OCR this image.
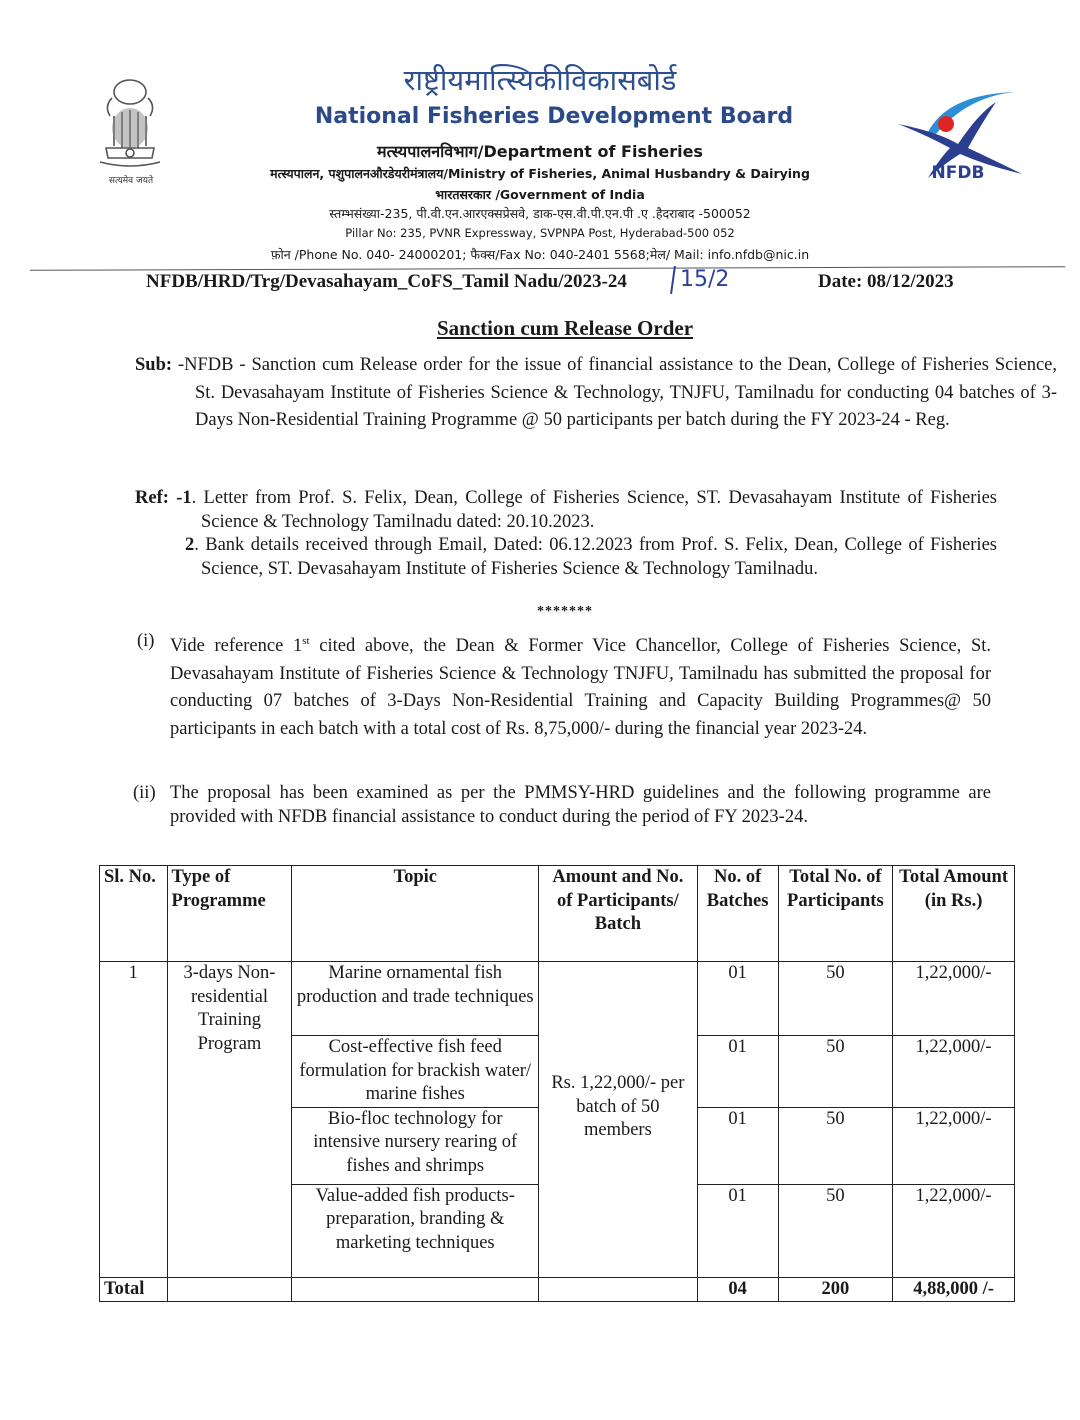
सत्यमेव जयते	NFDB
राष्ट्रीयमात्स्यिकीविकासबोर्ड
National Fisheries Development Board
मत्स्यपालनविभाग/Department of Fisheries
मत्स्यपालन, पशुपालनऔरडेयरीमंत्रालय/Ministry of Fisheries, Animal Husbandry & Dairying
भारतसरकार /Government of India
स्तम्भसंख्या-235, पी.वी.एन.आरएक्सप्रेसवे, डाक-एस.वी.पी.एन.पी .ए .हैदराबाद -500052
Pillar No: 235, PVNR Expressway, SVPNPA Post, Hyderabad-500 052
फ़ोन /Phone No. 040- 24000201; फैक्स/Fax No: 040-2401 5568;मेल/ Mail: info.nfdb@nic.in
NFDB/HRD/Trg/Devasahayam_CoFS_Tamil Nadu/2023-24	15/2	Date: 08/12/2023
Sanction cum Release Order
Sub: -NFDB - Sanction cum Release order for the issue of financial assistance to the Dean, College of Fisheries Science, St. Devasahayam Institute of Fisheries Science & Technology, TNJFU, Tamilnadu for conducting 04 batches of 3-Days Non-Residential Training Programme @ 50 participants per batch during the FY 2023-24 - Reg.
Ref: -1. Letter from Prof. S. Felix, Dean, College of Fisheries Science, ST. Devasahayam Institute of Fisheries Science & Technology Tamilnadu dated: 20.10.2023.
2. Bank details received through Email, Dated: 06.12.2023 from Prof. S. Felix, Dean, College of Fisheries Science, ST. Devasahayam Institute of Fisheries Science & Technology Tamilnadu.
*******
(i) Vide reference 1st cited above, the Dean & Former Vice Chancellor, College of Fisheries Science, St. Devasahayam Institute of Fisheries Science & Technology TNJFU, Tamilnadu has submitted the proposal for conducting 07 batches of 3-Days Non-Residential Training and Capacity Building Programmes@ 50 participants in each batch with a total cost of Rs. 8,75,000/- during the financial year 2023-24.
(ii) The proposal has been examined as per the PMMSY-HRD guidelines and the following programme are provided with NFDB financial assistance to conduct during the period of FY 2023-24.
Sl. No.	Type of Programme	Topic	Amount and No. of Participants/ Batch	No. of Batches	Total No. of Participants	Total Amount (in Rs.)
1	3-days Non-residential Training Program	Marine ornamental fish production and trade techniques	Rs. 1,22,000/- per batch of 50 members	01	50	1,22,000/-
		Cost-effective fish feed formulation for brackish water/ marine fishes		01	50	1,22,000/-
		Bio-floc technology for intensive nursery rearing of fishes and shrimps		01	50	1,22,000/-
		Value-added fish products-preparation, branding & marketing techniques		01	50	1,22,000/-
Total				04	200	4,88,000 /-
